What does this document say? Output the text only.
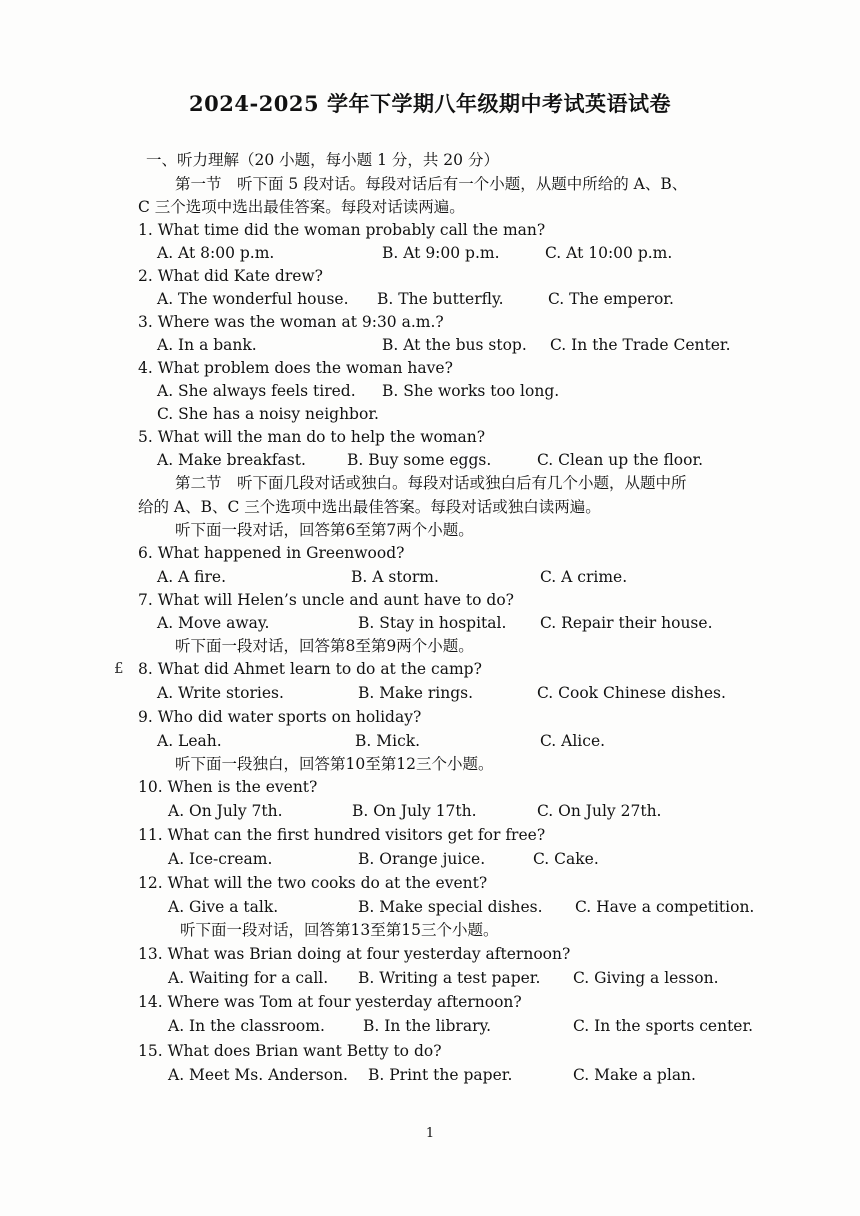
2024-2025 学年下学期八年级期中考试英语试卷
一、听力理解（20 小题，每小题 1 分，共 20 分）
第一节　听下面 5 段对话。每段对话后有一个小题，从题中所给的 A、B、
C 三个选项中选出最佳答案。每段对话读两遍。
1. What time did the woman probably call the man?
A. At 8:00 p.m.	B. At 9:00 p.m.	C. At 10:00 p.m.
2. What did Kate drew?
A. The wonderful house. B. The butterfly.	C. The emperor.
3. Where was the woman at 9:30 a.m.?
A. In a bank.	B. At the bus stop. C. In the Trade Center.
4. What problem does the woman have?
A. She always feels tired. B. She works too long.
C. She has a noisy neighbor.
5. What will the man do to help the woman?
A. Make breakfast.	B. Buy some eggs.	C. Clean up the floor.
第二节　听下面几段对话或独白。每段对话或独白后有几个小题，从题中所
给的 A、B、C 三个选项中选出最佳答案。每段对话或独白读两遍。
听下面一段对话，回答第6至第7两个小题。
6. What happened in Greenwood?
A. A fire.	B. A storm.	C. A crime.
7. What will Helen’s uncle and aunt have to do?
A. Move away.	B. Stay in hospital. C. Repair their house.
听下面一段对话，回答第8至第9两个小题。
£ 8. What did Ahmet learn to do at the camp?
A. Write stories.	B. Make rings.	C. Cook Chinese dishes.
9. Who did water sports on holiday?
A. Leah.	B. Mick.	C. Alice.
听下面一段独白，回答第10至第12三个小题。
10. When is the event?
A. On July 7th.	B. On July 17th.	C. On July 27th.
11. What can the first hundred visitors get for free?
A. Ice-cream.	B. Orange juice.	C. Cake.
12. What will the two cooks do at the event?
A. Give a talk.	B. Make special dishes. C. Have a competition.
听下面一段对话，回答第13至第15三个小题。
13. What was Brian doing at four yesterday afternoon?
A. Waiting for a call. B. Writing a test paper. C. Giving a lesson.
14. Where was Tom at four yesterday afternoon?
A. In the classroom. B. In the library.	C. In the sports center.
15. What does Brian want Betty to do?
A. Meet Ms. Anderson. B. Print the paper.	C. Make a plan.
1
